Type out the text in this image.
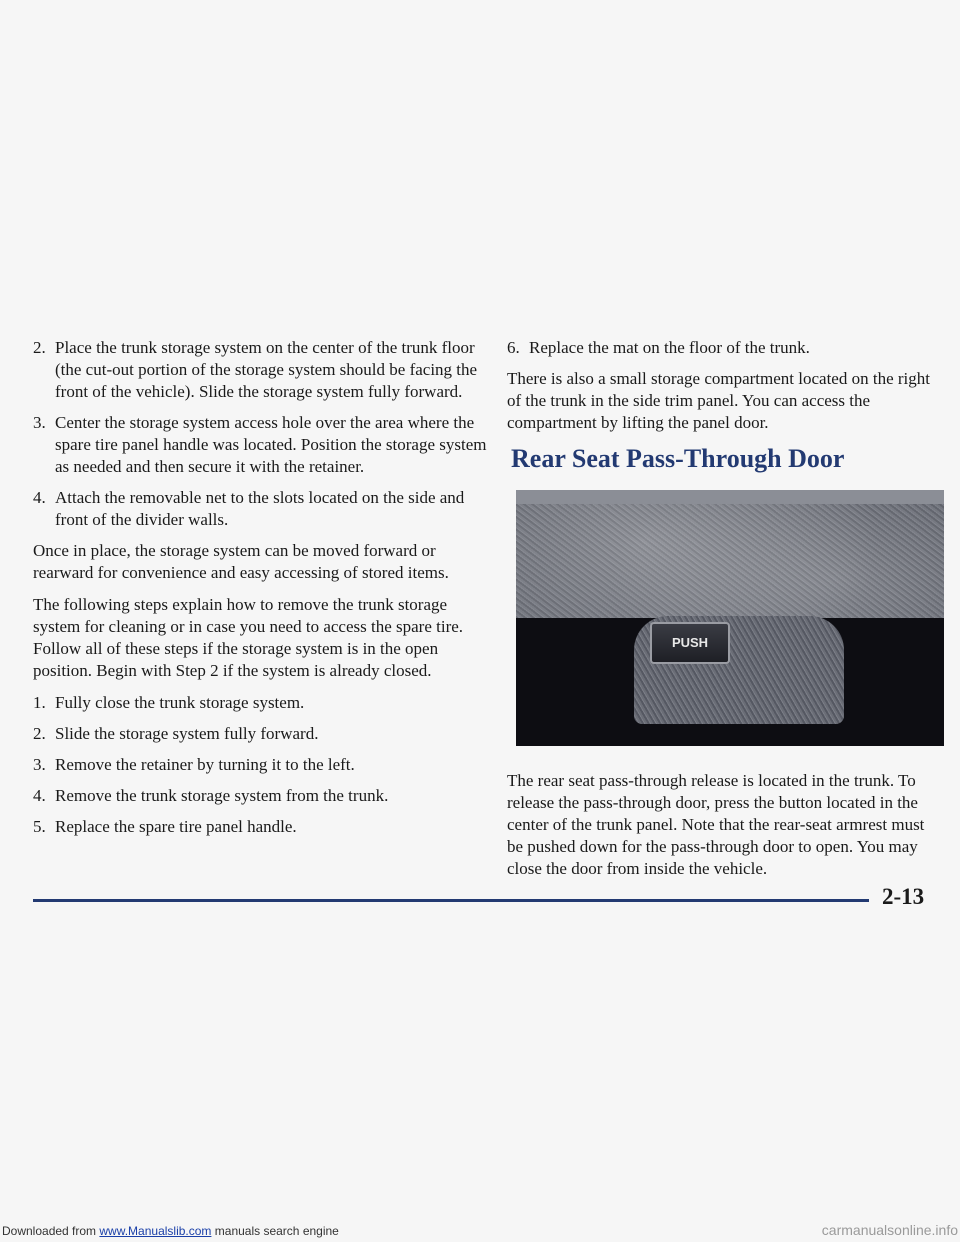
2. Place the trunk storage system on the center of the trunk floor (the cut-out portion of the storage system should be facing the front of the vehicle). Slide the storage system fully forward.
3. Center the storage system access hole over the area where the spare tire panel handle was located. Position the storage system as needed and then secure it with the retainer.
4. Attach the removable net to the slots located on the side and front of the divider walls.

Once in place, the storage system can be moved forward or rearward for convenience and easy accessing of stored items.

The following steps explain how to remove the trunk storage system for cleaning or in case you need to access the spare tire. Follow all of these steps if the storage system is in the open position. Begin with Step 2 if the system is already closed.

1. Fully close the trunk storage system.
2. Slide the storage system fully forward.
3. Remove the retainer by turning it to the left.
4. Remove the trunk storage system from the trunk.
5. Replace the spare tire panel handle.
6. Replace the mat on the floor of the trunk.

There is also a small storage compartment located on the right of the trunk in the side trim panel. You can access the compartment by lifting the panel door.

Rear Seat Pass-Through Door
PUSH

The rear seat pass-through release is located in the trunk. To release the pass-through door, press the button located in the center of the trunk panel. Note that the rear-seat armrest must be pushed down for the pass-through door to open. You may close the door from inside the vehicle.

2-13
Downloaded from www.Manualslib.com manuals search engine	carmanualsonline.info
